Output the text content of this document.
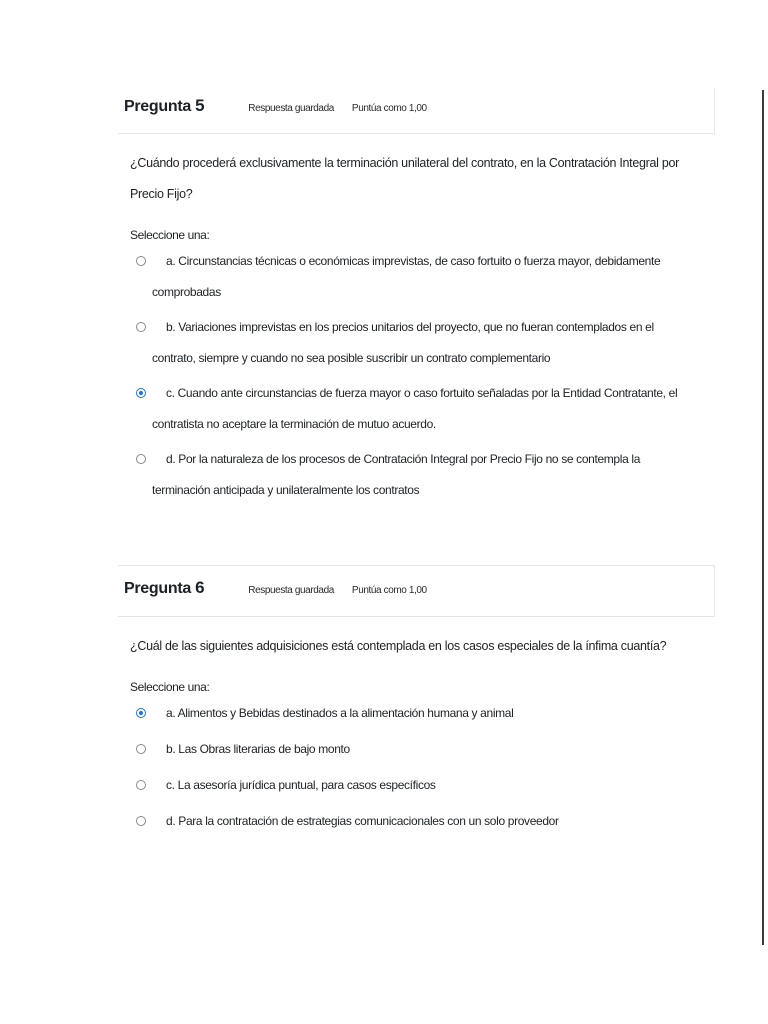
Pregunta 5	Respuesta guardada Puntúa como 1,00
¿Cuándo procederá exclusivamente la terminación unilateral del contrato, en la Contratación Integral por Precio Fijo?
Seleccione una:
a. Circunstancias técnicas o económicas imprevistas, de caso fortuito o fuerza mayor, debidamente comprobadas
b. Variaciones imprevistas en los precios unitarios del proyecto, que no fueran contemplados en el contrato, siempre y cuando no sea posible suscribir un contrato complementario
c. Cuando ante circunstancias de fuerza mayor o caso fortuito señaladas por la Entidad Contratante, el contratista no aceptare la terminación de mutuo acuerdo.
d. Por la naturaleza de los procesos de Contratación Integral por Precio Fijo no se contempla la terminación anticipada y unilateralmente los contratos
Pregunta 6	Respuesta guardada Puntúa como 1,00
¿Cuál de las siguientes adquisiciones está contemplada en los casos especiales de la ínfima cuantía?
Seleccione una:
a. Alimentos y Bebidas destinados a la alimentación humana y animal
b. Las Obras literarias de bajo monto
c. La asesoría jurídica puntual, para casos específicos
d. Para la contratación de estrategias comunicacionales con un solo proveedor
